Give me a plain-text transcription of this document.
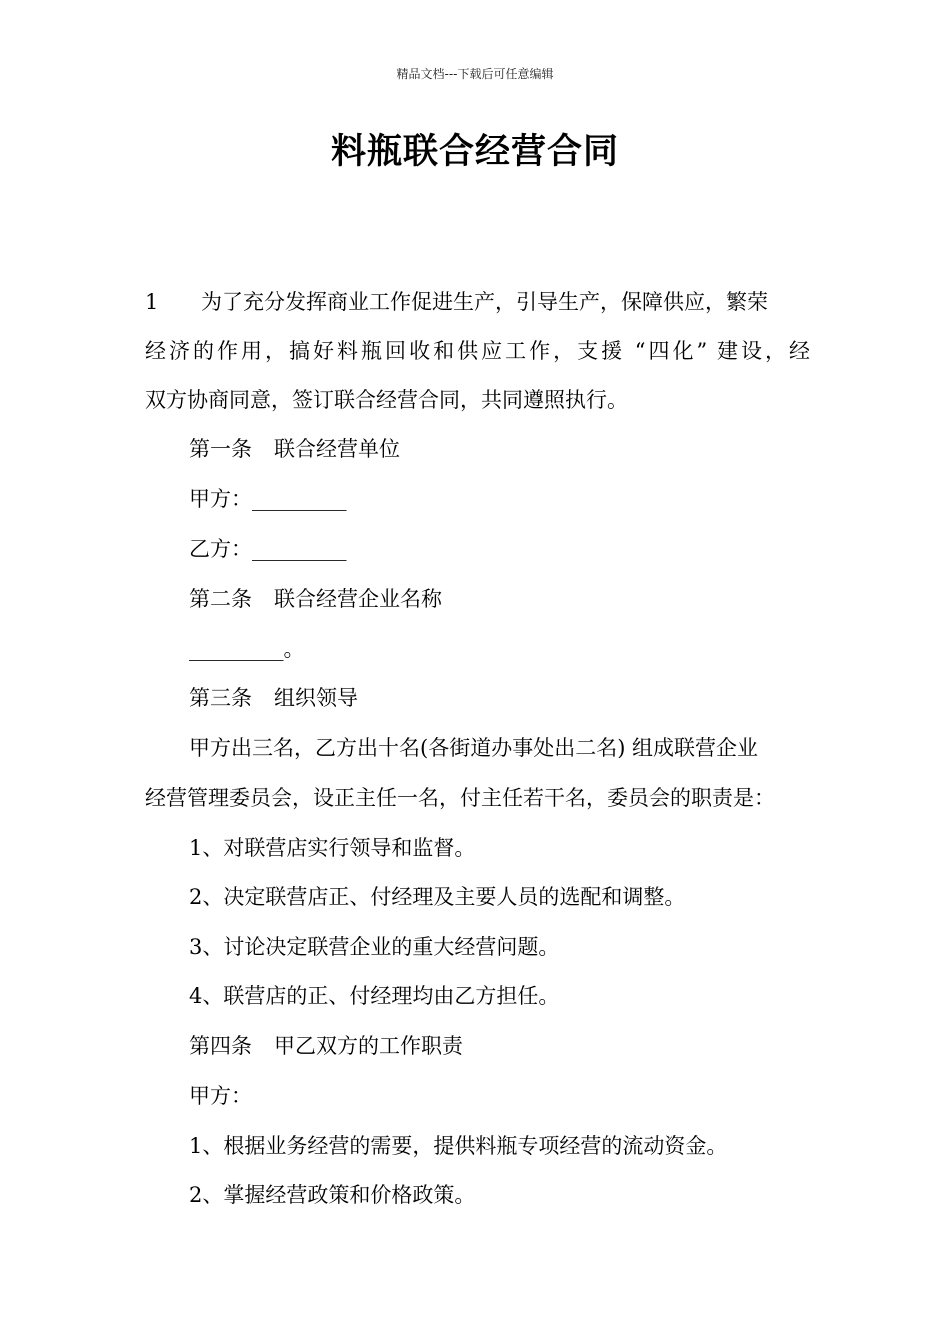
精品文档---下载后可任意编辑
料瓶联合经营合同
1 为了充分发挥商业工作促进生产，引导生产，保障供应，繁荣
经济的作用，搞好料瓶回收和供应工作，支援 “四化” 建设，经
双方协商同意，签订联合经营合同，共同遵照执行。
第一条 联合经营单位
甲方：_________
乙方：_________
第二条 联合经营企业名称
_________。
第三条 组织领导
甲方出三名，乙方出十名(各街道办事处出二名) 组成联营企业
经营管理委员会，设正主任一名，付主任若干名，委员会的职责是：
1、对联营店实行领导和监督。
2、决定联营店正、付经理及主要人员的选配和调整。
3、讨论决定联营企业的重大经营问题。
4、联营店的正、付经理均由乙方担任。
第四条 甲乙双方的工作职责
甲方：
1、根据业务经营的需要，提供料瓶专项经营的流动资金。
2、掌握经营政策和价格政策。
